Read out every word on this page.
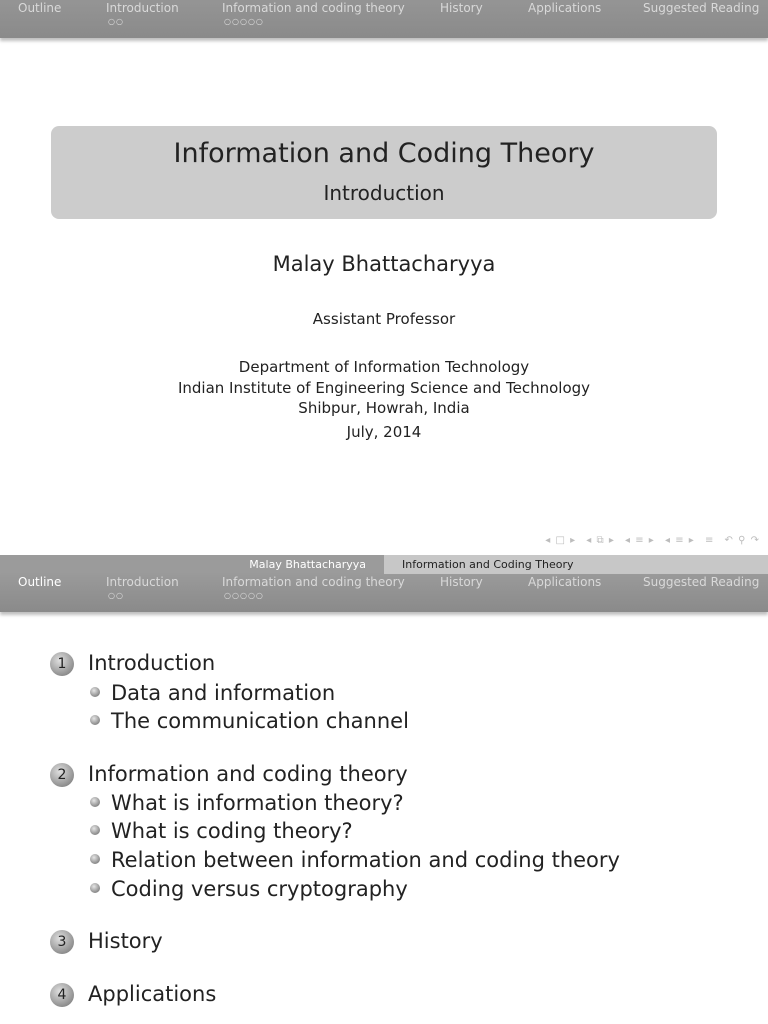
Outline	Introduction
○○
Information and coding theory
○○○○○
History	Applications	Suggested Reading
Information and Coding Theory
Introduction
Malay Bhattacharyya
Assistant Professor
Department of Information Technology
Indian Institute of Engineering Science and Technology
Shibpur, Howrah, India
July, 2014
◂ □ ▸ ◂ ⧉ ▸ ◂ ≡ ▸ ◂ ≡ ▸ ≡ ↶ ⚲ ↷
Malay Bhattacharyya	Information and Coding Theory
Outline	Introduction
○○
Information and coding theory
○○○○○
History	Applications	Suggested Reading
1 Introduction
Data and information
The communication channel
2 Information and coding theory
What is information theory?
What is coding theory?
Relation between information and coding theory
Coding versus cryptography
3 History
4 Applications
